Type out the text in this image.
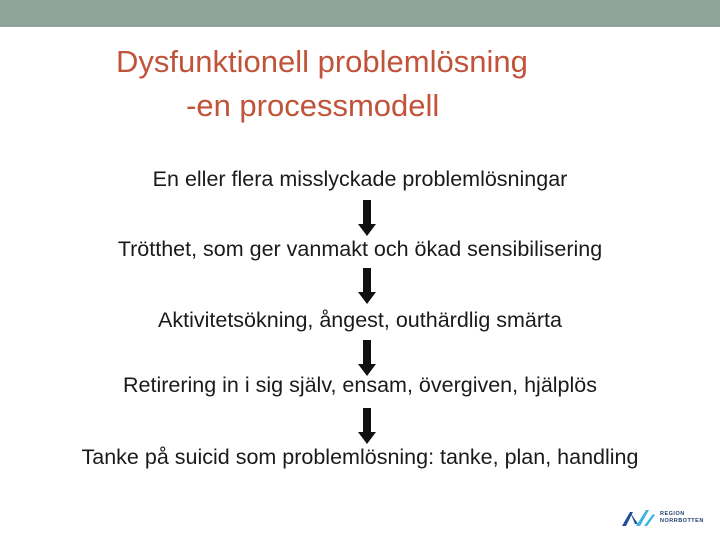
Dysfunktionell problemlösning
-en processmodell
En eller flera misslyckade problemlösningar
Trötthet, som ger vanmakt och ökad sensibilisering
Aktivitetsökning, ångest, outhärdlig smärta
Retirering in i sig själv, ensam, övergiven, hjälplös
Tanke på suicid som problemlösning: tanke, plan, handling
REGION
NORRBOTTEN
